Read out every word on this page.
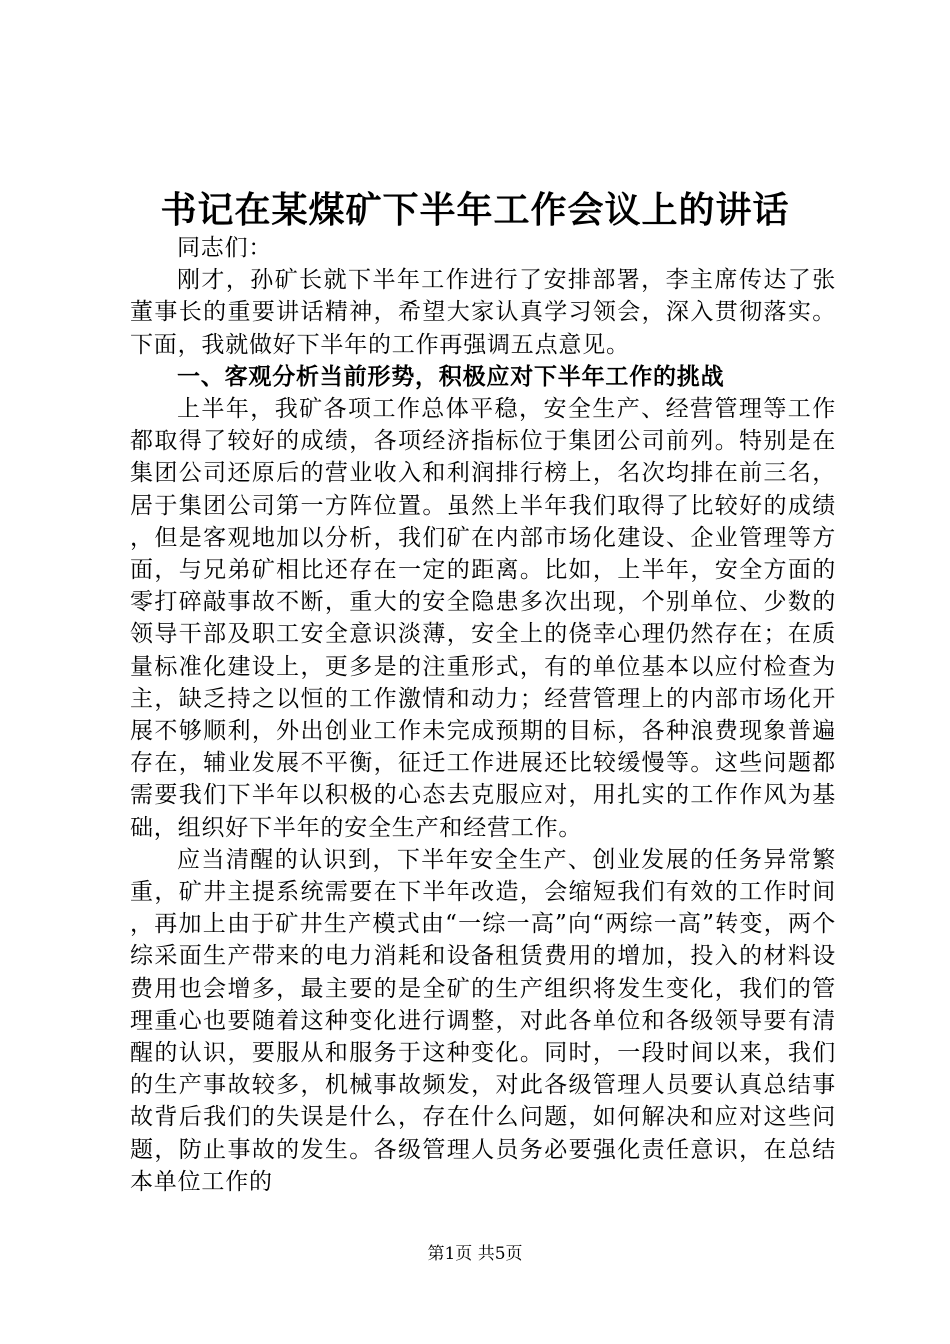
书记在某煤矿下半年工作会议上的讲话

同志们：

刚才，孙矿长就下半年工作进行了安排部署，李主席传达了张董事长的重要讲话精神，希望大家认真学习领会，深入贯彻落实。下面，我就做好下半年的工作再强调五点意见。

一、客观分析当前形势，积极应对下半年工作的挑战

上半年，我矿各项工作总体平稳，安全生产、经营管理等工作都取得了较好的成绩，各项经济指标位于集团公司前列。特别是在集团公司还原后的营业收入和利润排行榜上，名次均排在前三名，居于集团公司第一方阵位置。虽然上半年我们取得了比较好的成绩，但是客观地加以分析，我们矿在内部市场化建设、企业管理等方面，与兄弟矿相比还存在一定的距离。比如，上半年，安全方面的零打碎敲事故不断，重大的安全隐患多次出现，个别单位、少数的领导干部及职工安全意识淡薄，安全上的侥幸心理仍然存在；在质量标准化建设上，更多是的注重形式，有的单位基本以应付检查为主，缺乏持之以恒的工作激情和动力；经营管理上的内部市场化开展不够顺利，外出创业工作未完成预期的目标，各种浪费现象普遍存在，辅业发展不平衡，征迁工作进展还比较缓慢等。这些问题都需要我们下半年以积极的心态去克服应对，用扎实的工作作风为基础，组织好下半年的安全生产和经营工作。

应当清醒的认识到，下半年安全生产、创业发展的任务异常繁重，矿井主提系统需要在下半年改造，会缩短我们有效的工作时间，再加上由于矿井生产模式由“一综一高”向“两综一高”转变，两个综采面生产带来的电力消耗和设备租赁费用的增加，投入的材料设费用也会增多，最主要的是全矿的生产组织将发生变化，我们的管理重心也要随着这种变化进行调整，对此各单位和各级领导要有清醒的认识，要服从和服务于这种变化。同时，一段时间以来，我们的生产事故较多，机械事故频发，对此各级管理人员要认真总结事故背后我们的失误是什么，存在什么问题，如何解决和应对这些问题，防止事故的发生。各级管理人员务必要强化责任意识，在总结本单位工作的

第1页 共5页
